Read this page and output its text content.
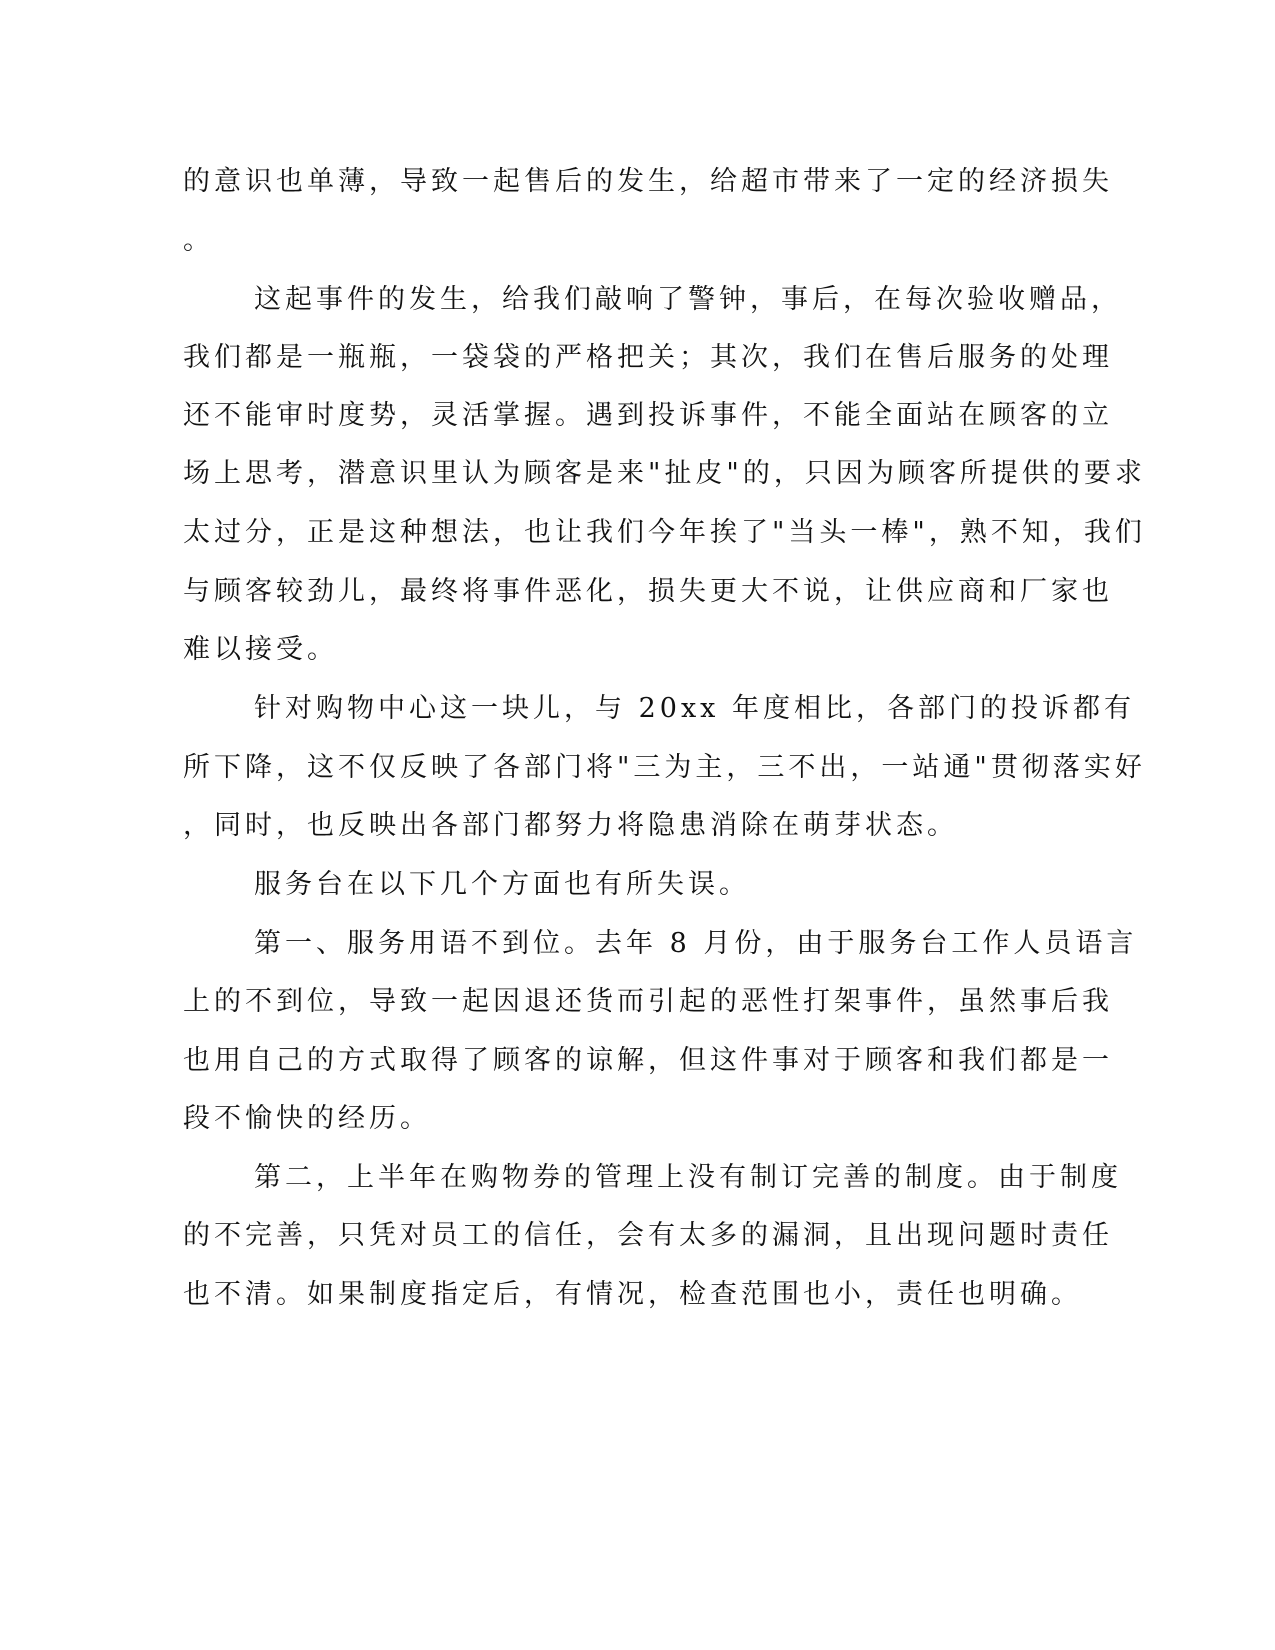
的意识也单薄，导致一起售后的发生，给超市带来了一定的经济损失
。
这起事件的发生，给我们敲响了警钟，事后，在每次验收赠品，
我们都是一瓶瓶，一袋袋的严格把关；其次，我们在售后服务的处理
还不能审时度势，灵活掌握。遇到投诉事件，不能全面站在顾客的立
场上思考，潜意识里认为顾客是来"扯皮"的，只因为顾客所提供的要求
太过分，正是这种想法，也让我们今年挨了"当头一棒"，熟不知，我们
与顾客较劲儿，最终将事件恶化，损失更大不说，让供应商和厂家也
难以接受。
针对购物中心这一块儿，与 20xx 年度相比，各部门的投诉都有
所下降，这不仅反映了各部门将"三为主，三不出，一站通"贯彻落实好
，同时，也反映出各部门都努力将隐患消除在萌芽状态。
服务台在以下几个方面也有所失误。
第一、服务用语不到位。去年 8 月份，由于服务台工作人员语言
上的不到位，导致一起因退还货而引起的恶性打架事件，虽然事后我
也用自己的方式取得了顾客的谅解，但这件事对于顾客和我们都是一
段不愉快的经历。
第二，上半年在购物券的管理上没有制订完善的制度。由于制度
的不完善，只凭对员工的信任，会有太多的漏洞，且出现问题时责任
也不清。如果制度指定后，有情况，检查范围也小，责任也明确。
